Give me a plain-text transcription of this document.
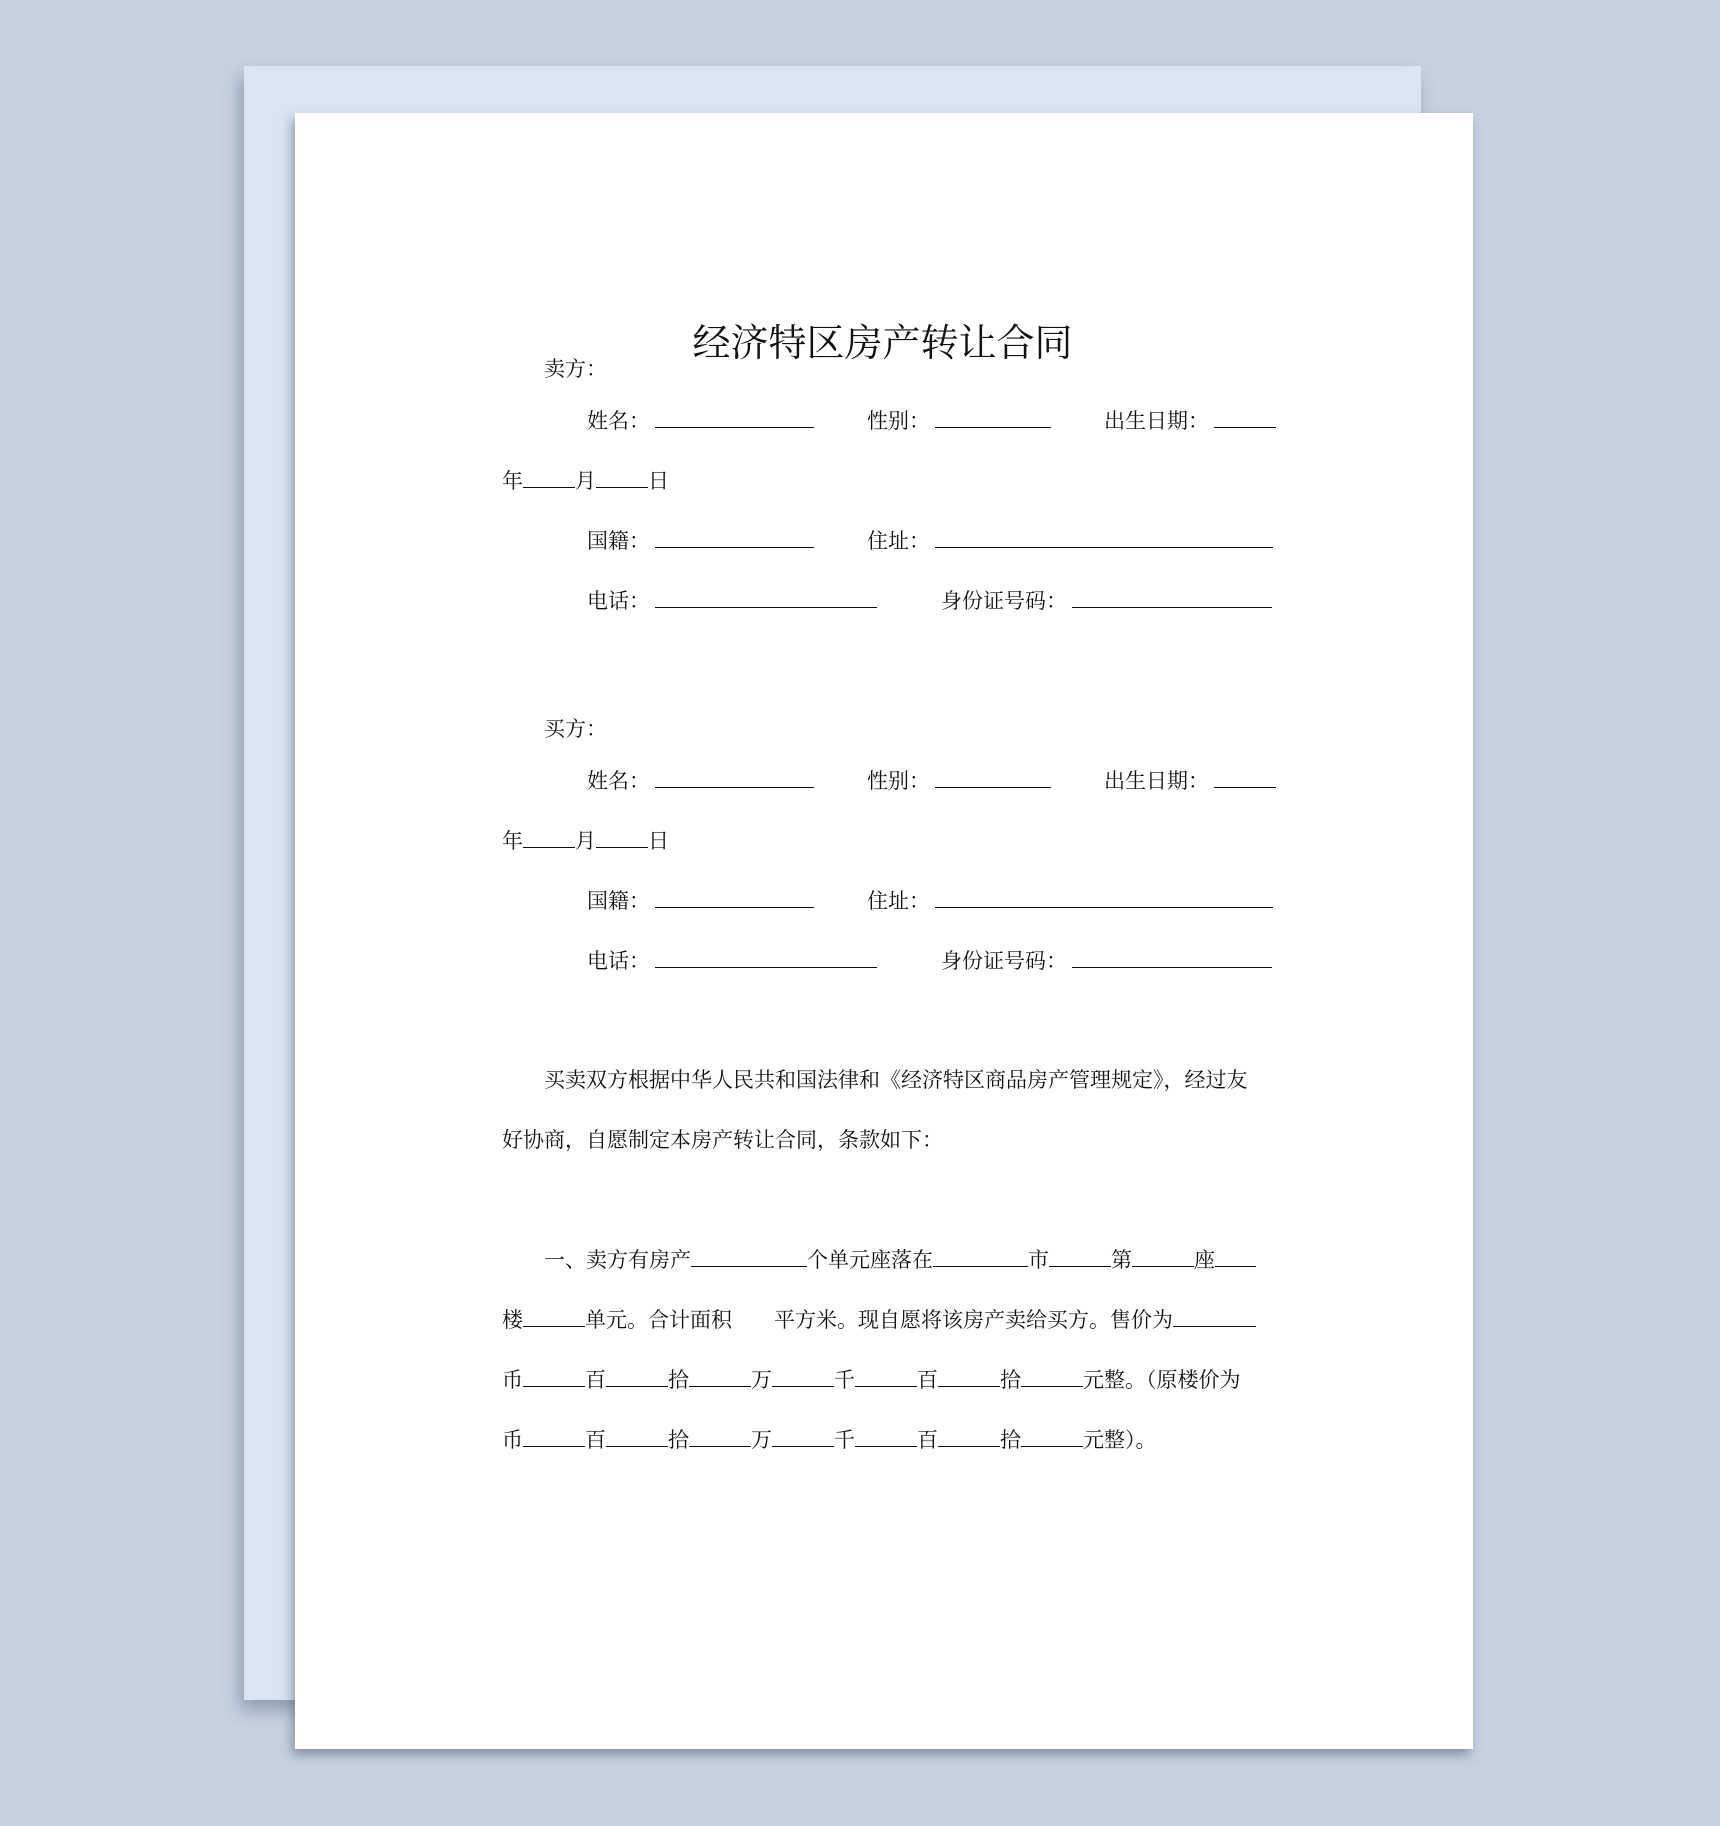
经济特区房产转让合同
卖方：
姓名：	性别：	出生日期：
年 月 日
国籍：	住址：
电话：	身份证号码：
买方：
姓名：	性别：	出生日期：
年 月 日
国籍：	住址：
电话：	身份证号码：
买卖双方根据中华人民共和国法律和《经济特区商品房产管理规定》，经过友
好协商，自愿制定本房产转让合同，条款如下：
一、卖方有房产	个单元座落在	市	第	座
楼	单元。合计面积 平方米。现自愿将该房产卖给买方。售价为
币	百	拾	万	千	百	拾	元整。（原楼价为
币	百	拾	万	千	百	拾	元整）。
